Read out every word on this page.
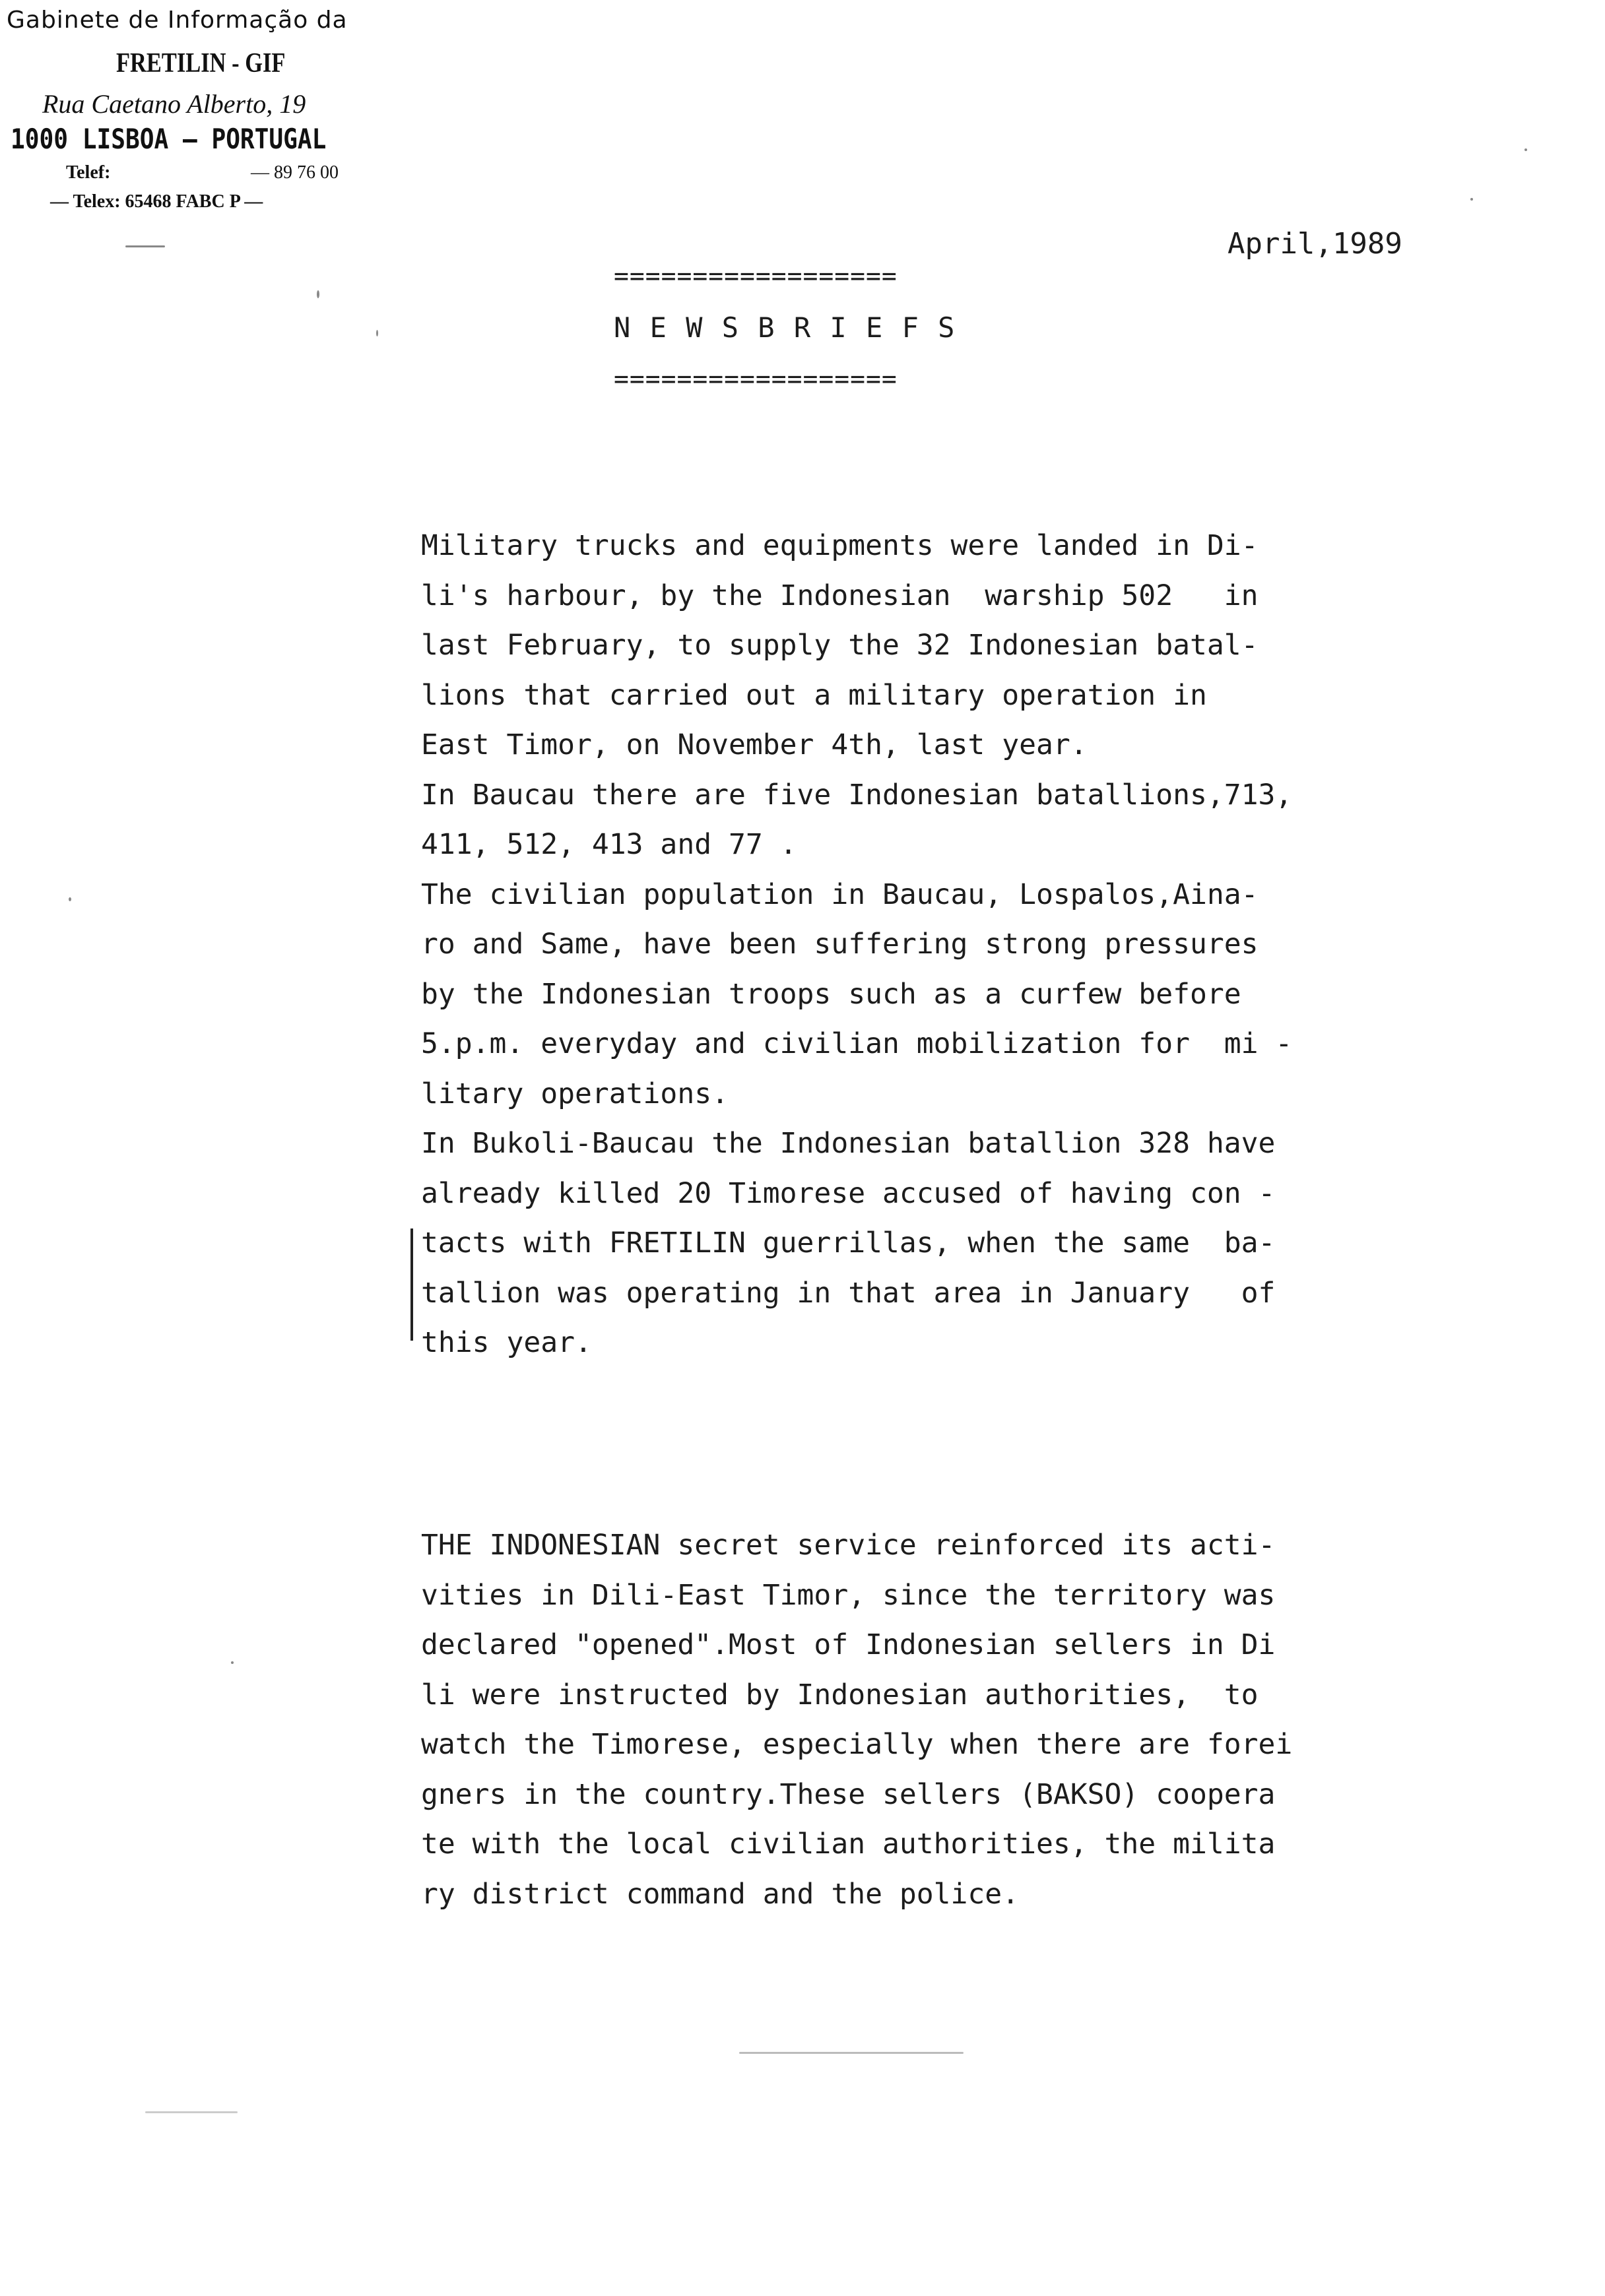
Gabinete de Informação da
FRETILIN - GIF
Rua Caetano Alberto, 19
1000 LISBOA — PORTUGAL
Telef:	— 89 76 00
— Telex: 65468 FABC P —
April,1989
==================
N E W S B R I E F S
==================
Military trucks and equipments were landed in Di-
li's harbour, by the Indonesian  warship 502   in
last February, to supply the 32 Indonesian batal-
lions that carried out a military operation in
East Timor, on November 4th, last year.
In Baucau there are five Indonesian batallions,713,
411, 512, 413 and 77 .
The civilian population in Baucau, Lospalos,Aina-
ro and Same, have been suffering strong pressures
by the Indonesian troops such as a curfew before
5.p.m. everyday and civilian mobilization for  mi -
litary operations.
In Bukoli-Baucau the Indonesian batallion 328 have
already killed 20 Timorese accused of having con -
tacts with FRETILIN guerrillas, when the same  ba-
tallion was operating in that area in January   of
this year.
THE INDONESIAN secret service reinforced its acti-
vities in Dili-East Timor, since the territory was
declared "opened".Most of Indonesian sellers in Di
li were instructed by Indonesian authorities,  to
watch the Timorese, especially when there are forei
gners in the country.These sellers (BAKSO) coopera
te with the local civilian authorities, the milita
ry district command and the police.
